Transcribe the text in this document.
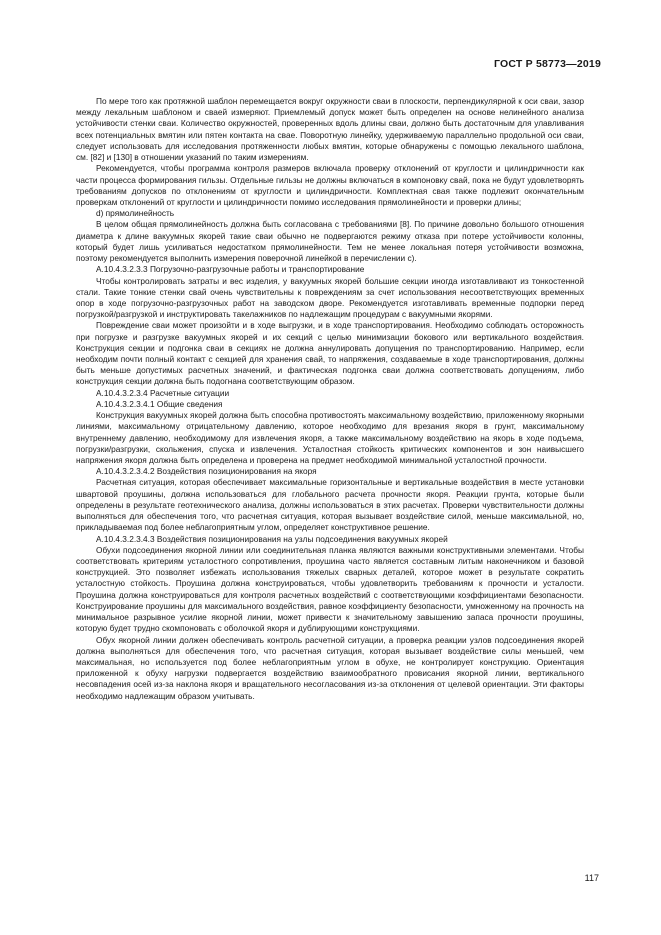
ГОСТ Р 58773—2019

По мере того как протяжной шаблон перемещается вокруг окружности сваи в плоскости, перпендикулярной к оси сваи, зазор между лекальным шаблоном и сваей измеряют. Приемлемый допуск может быть определен на основе нелинейного анализа устойчивости стенки сваи. Количество окружностей, проверенных вдоль длины сваи, должно быть достаточным для улавливания всех потенциальных вмятин или пятен контакта на сваe. Поворотную линейку, удерживаемую параллельно продольной оси сваи, следует использовать для исследования протяженности любых вмятин, которые обнаружены с помощью лекального шаблона, см. [82] и [130] в отношении указаний по таким измерениям.

Рекомендуется, чтобы программа контроля размеров включала проверку отклонений от круглости и цилиндричности как части процесса формирования гильзы. Отдельные гильзы не должны включаться в компоновку свай, пока не будут удовлетворять требованиям допусков по отклонениям от круглости и цилиндричности. Комплектная свая также подлежит окончательным проверкам отклонений от круглости и цилиндричности помимо исследования прямолинейности и проверки длины;

d) прямолинейность

В целом общая прямолинейность должна быть согласована с требованиями [8]. По причине довольно большого отношения диаметра к длине вакуумных якорей такие сваи обычно не подвергаются режиму отказа при потере устойчивости колонны, который будет лишь усиливаться недостатком прямолинейности. Тем не менее локальная потеря устойчивости возможна, поэтому рекомендуется выполнить измерения поверочной линейкой в перечислении c).

А.10.4.3.2.3.3 Погрузочно-разгрузочные работы и транспортирование

Чтобы контролировать затраты и вес изделия, у вакуумных якорей большие секции иногда изготавливают из тонкостенной стали. Такие тонкие стенки свай очень чувствительны к повреждениям за счет использования несоответствующих временных опор в ходе погрузочно-разгрузочных работ на заводском дворе. Рекомендуется изготавливать временные подпорки перед погрузкой/разгрузкой и инструктировать такелажников по надлежащим процедурам с вакуумными якорями.

Повреждение сваи может произойти и в ходе выгрузки, и в ходе транспортирования. Необходимо соблюдать осторожность при погрузке и разгрузке вакуумных якорей и их секций с целью минимизации бокового или вертикального воздействия. Конструкция секции и подгонка сваи в секциях не должна аннулировать допущения по транспортированию. Например, если необходим почти полный контакт с секцией для хранения свай, то напряжения, создаваемые в ходе транспортирования, должны быть меньше допустимых расчетных значений, и фактическая подгонка сваи должна соответствовать допущениям, либо конструкция секции должна быть подогнана соответствующим образом.

А.10.4.3.2.3.4 Расчетные ситуации

А.10.4.3.2.3.4.1 Общие сведения

Конструкция вакуумных якорей должна быть способна противостоять максимальному воздействию, приложенному якорными линиями, максимальному отрицательному давлению, которое необходимо для врезания якоря в грунт, максимальному внутреннему давлению, необходимому для извлечения якоря, а также максимальному воздействию на якорь в ходе подъема, погрузки/разгрузки, скольжения, спуска и извлечения. Усталостная стойкость критических компонентов и зон наивысшего напряжения якоря должна быть определена и проверена на предмет необходимой минимальной усталостной прочности.

А.10.4.3.2.3.4.2 Воздействия позиционирования на якоря

Расчетная ситуация, которая обеспечивает максимальные горизонтальные и вертикальные воздействия в месте установки швартовой проушины, должна использоваться для глобального расчета прочности якоря. Реакции грунта, которые были определены в результате геотехнического анализа, должны использоваться в этих расчетах. Проверки чувствительности должны выполняться для обеспечения того, что расчетная ситуация, которая вызывает воздействие силой, меньше максимальной, но, прикладываемая под более неблагоприятным углом, определяет конструктивное решение.

А.10.4.3.2.3.4.3 Воздействия позиционирования на узлы подсоединения вакуумных якорей

Обухи подсоединения якорной линии или соединительная планка являются важными конструктивными элементами. Чтобы соответствовать критериям усталостного сопротивления, проушина часто является составным литым наконечником и базовой конструкцией. Это позволяет избежать использования тяжелых сварных деталей, которое может в результате сократить усталостную стойкость. Проушина должна конструироваться, чтобы удовлетворить требованиям к прочности и усталости. Проушина должна конструироваться для контроля расчетных воздействий с соответствующими коэффициентами безопасности. Конструирование проушины для максимального воздействия, равное коэффициенту безопасности, умноженному на прочность на минимальное разрывное усилие якорной линии, может привести к значительному завышению запаса прочности проушины, которую будет трудно скомпоновать с оболочкой якоря и дублирующими конструкциями.

Обух якорной линии должен обеспечивать контроль расчетной ситуации, а проверка реакции узлов подсоединения якорей должна выполняться для обеспечения того, что расчетная ситуация, которая вызывает воздействие силы меньшей, чем максимальная, но используется под более неблагоприятным углом в обухе, не контролирует конструкцию. Ориентация приложенной к обуху нагрузки подвергается воздействию взаимообратного провисания якорной линии, вертикального несовпадения осей из-за наклона якоря и вращательного несогласования из-за отклонения от целевой ориентации. Эти факторы необходимо надлежащим образом учитывать.

117
